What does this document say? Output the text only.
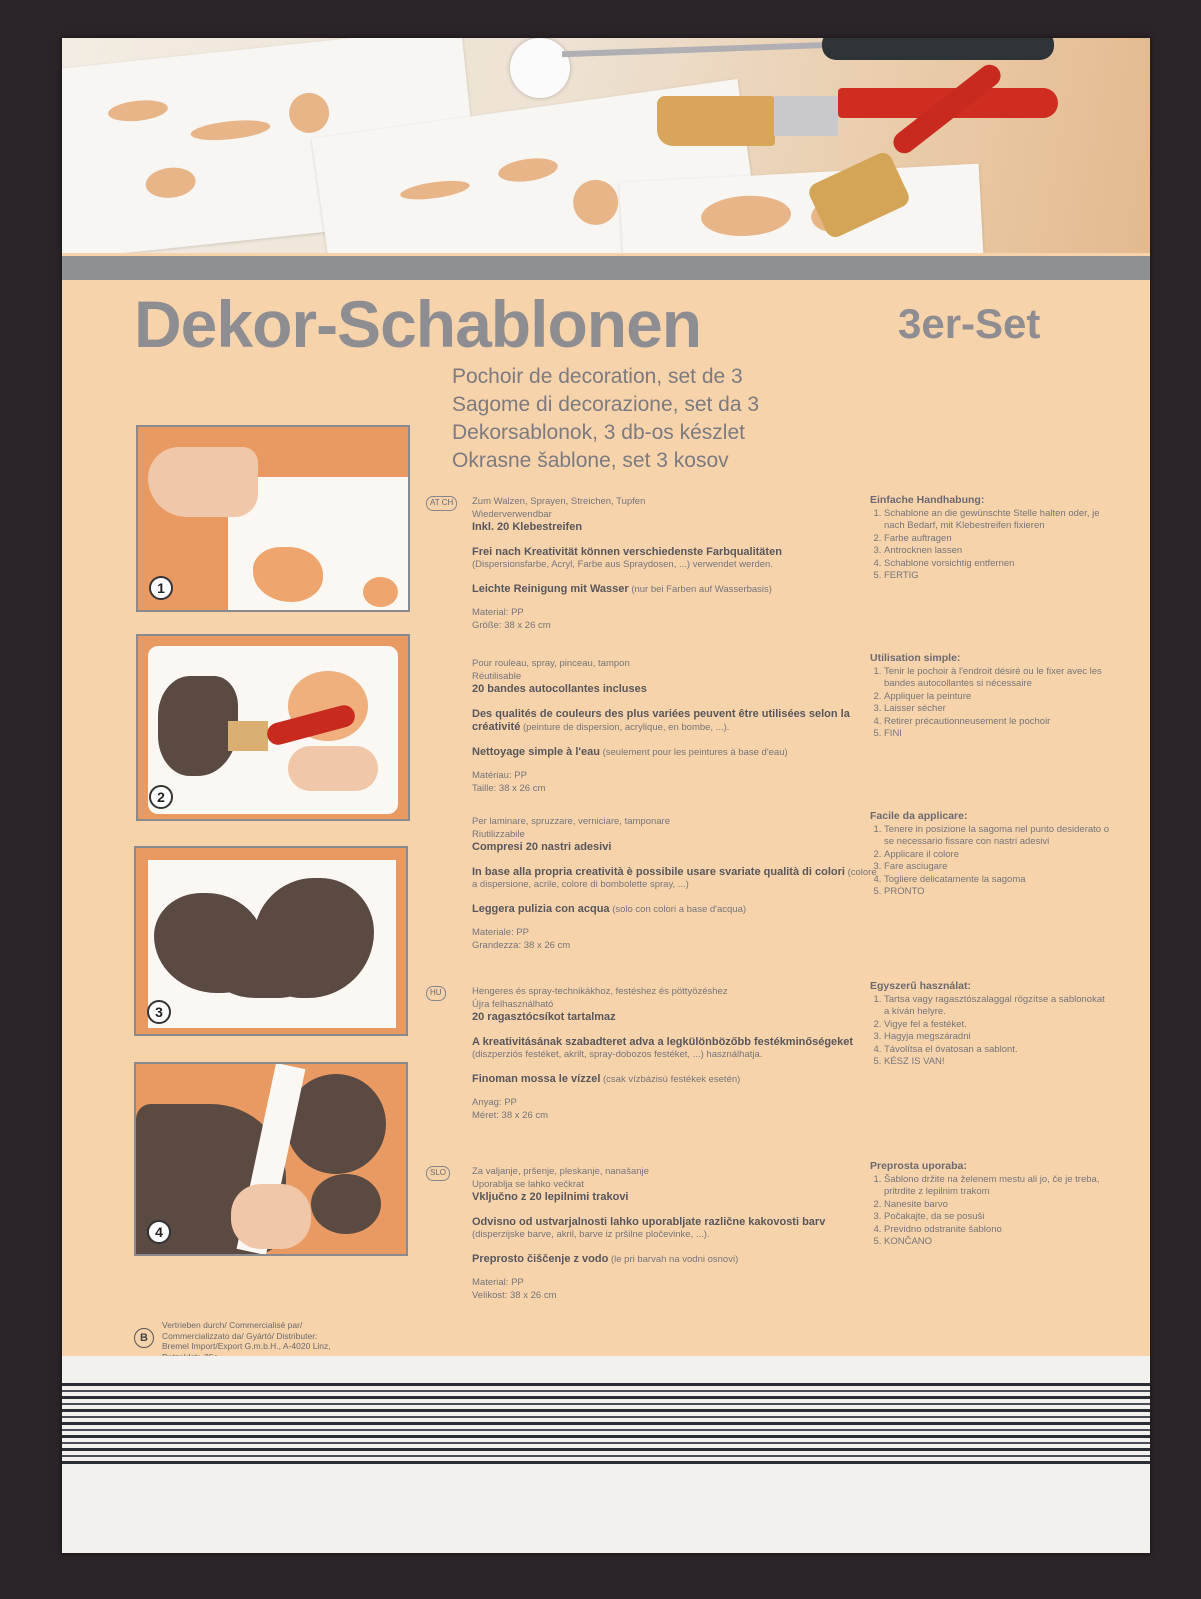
Dekor-Schablonen	3er-Set
Pochoir de decoration, set de 3
Sagome di decorazione, set da 3
Dekorsablonok, 3 db-os készlet
Okrasne šablone, set 3 kosov
1
2
3
4
AT CH	Zum Walzen, Sprayen, Streichen, Tupfen
Wiederverwendbar
Inkl. 20 Klebestreifen
Frei nach Kreativität können verschiedenste Farbqualitäten
(Dispersionsfarbe, Acryl, Farbe aus Spraydosen, ...) verwendet werden.
Leichte Reinigung mit Wasser (nur bei Farben auf Wasserbasis)
Material: PP
Größe: 38 x 26 cm
Pour rouleau, spray, pinceau, tampon
Réutilisable
20 bandes autocollantes incluses
Des qualités de couleurs des plus variées peuvent être utilisées selon la créativité (peinture de dispersion, acrylique, en bombe, ...).
Nettoyage simple à l'eau (seulement pour les peintures à base d'eau)
Matériau: PP
Taille: 38 x 26 cm
Per laminare, spruzzare, verniciare, tamponare
Riutilizzabile
Compresi 20 nastri adesivi
In base alla propria creatività è possibile usare svariate qualità di colori (colore a dispersione, acrile, colore di bombolette spray, ...)
Leggera pulizia con acqua (solo con colori a base d'acqua)
Materiale: PP
Grandezza: 38 x 26 cm
HU	Hengeres és spray-technikákhoz, festéshez és pöttyözéshez
Újra felhasználható
20 ragasztócsíkot tartalmaz
A kreativitásának szabadteret adva a legkülönbözőbb festékminőségeket (diszperziós festéket, akrilt, spray-dobozos festéket, ...) használhatja.
Finoman mossa le vízzel (csak vízbázisú festékek esetén)
Anyag: PP
Méret: 38 x 26 cm
SLO	Za valjanje, pršenje, pleskanje, nanašanje
Uporablja se lahko večkrat
Vključno z 20 lepilnimi trakovi
Odvisno od ustvarjalnosti lahko uporabljate različne kakovosti barv (disperzijske barve, akril, barve iz pršilne pločevinke, ...).
Preprosto čiščenje z vodo (le pri barvah na vodni osnovi)
Material: PP
Velikost: 38 x 26 cm
Einfache Handhabung:
1. Schablone an die gewünschte Stelle halten oder, je nach Bedarf, mit Klebestreifen fixieren
2. Farbe auftragen
3. Antrocknen lassen
4. Schablone vorsichtig entfernen
5. FERTIG
Utilisation simple:
1. Tenir le pochoir à l'endroit désiré ou le fixer avec les bandes autocollantes si nécessaire
2. Appliquer la peinture
3. Laisser sécher
4. Retirer précautionneusement le pochoir
5. FINI
Facile da applicare:
1. Tenere in posizione la sagoma nel punto desiderato o se necessario fissare con nastri adesivi
2. Applicare il colore
3. Fare asciugare
4. Togliere delicatamente la sagoma
5. PRONTO
Egyszerű használat:
1. Tartsa vagy ragasztószalaggal rögzítse a sablonokat a kíván helyre.
2. Vigye fel a festéket.
3. Hagyja megszáradni
4. Távolítsa el óvatosan a sablont.
5. KÉSZ IS VAN!
Preprosta uporaba:
1. Šablono držite na želenem mestu ali jo, če je treba, pritrdite z lepilnim trakom
2. Nanesite barvo
3. Počakajte, da se posuši
4. Previdno odstranite šablono
5. KONČANO
B
Vertrieben durch/ Commercialisé par/
Commercializzato da/ Gyártó/ Distributer:
Bremel Import/Export G.m.b.H., A-4020 Linz,
